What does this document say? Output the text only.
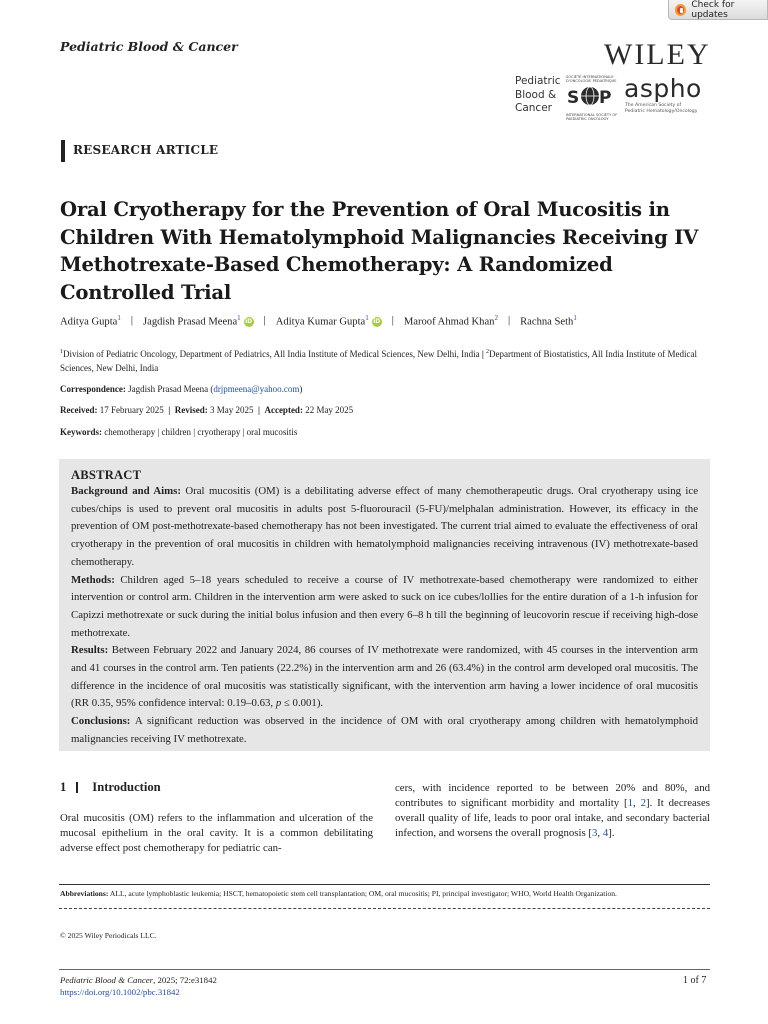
Check for updates
Pediatric Blood & Cancer	WILEY
Pediatric
Blood &
Cancer
SOCIÉTÉ INTERNATIONALE D'ONCOLOGIE PÉDIATRIQUE
S P
INTERNATIONAL SOCIETY OF PAEDIATRIC ONCOLOGY
aspho
The American Society of
Pediatric Hematology/Oncology
RESEARCH ARTICLE
Oral Cryotherapy for the Prevention of Oral Mucositis in Children With Hematolymphoid Malignancies Receiving IV Methotrexate-Based Chemotherapy: A Randomized Controlled Trial
Aditya Gupta$^1$ | Jagdish Prasad Meena$^1$ iD | Aditya Kumar Gupta$^1$ iD | Maroof Ahmad Khan$^2$ | Rachna Seth$^1$
$^1$Division of Pediatric Oncology, Department of Pediatrics, All India Institute of Medical Sciences, New Delhi, India | $^2$Department of Biostatistics, All India Institute of Medical Sciences, New Delhi, India
Correspondence: Jagdish Prasad Meena (drjpmeena@yahoo.com)
Received: 17 February 2025  |  Revised: 3 May 2025  |  Accepted: 22 May 2025
Keywords: chemotherapy | children | cryotherapy | oral mucositis
ABSTRACT

Background and Aims: Oral mucositis (OM) is a debilitating adverse effect of many chemotherapeutic drugs. Oral cryotherapy using ice cubes/chips is used to prevent oral mucositis in adults post 5-fluorouracil (5-FU)/melphalan administration. However, its efficacy in the prevention of OM post-methotrexate-based chemotherapy has not been investigated. The current trial aimed to evaluate the effectiveness of oral cryotherapy in the prevention of oral mucositis in children with hematolymphoid malignancies receiving intravenous (IV) methotrexate-based chemotherapy.

Methods: Children aged 5–18 years scheduled to receive a course of IV methotrexate-based chemotherapy were randomized to either intervention or control arm. Children in the intervention arm were asked to suck on ice cubes/lollies for the entire duration of a 1-h infusion for Capizzi methotrexate or suck during the initial bolus infusion and then every 6–8 h till the beginning of leucovorin rescue if receiving high-dose methotrexate.

Results: Between February 2022 and January 2024, 86 courses of IV methotrexate were randomized, with 45 courses in the intervention arm and 41 courses in the control arm. Ten patients (22.2%) in the intervention arm and 26 (63.4%) in the control arm developed oral mucositis. The difference in the incidence of oral mucositis was statistically significant, with the intervention arm having a lower incidence of oral mucositis (RR 0.35, 95% confidence interval: 0.19–0.63, p ≤ 0.001).

Conclusions: A significant reduction was observed in the incidence of OM with oral cryotherapy among children with hematolymphoid malignancies receiving IV methotrexate.

1 Introduction
Oral mucositis (OM) refers to the inflammation and ulceration of the mucosal epithelium in the oral cavity. It is a common debilitating adverse effect post chemotherapy for pediatric can-
cers, with incidence reported to be between 20% and 80%, and contributes to significant morbidity and mortality [1, 2]. It decreases overall quality of life, leads to poor oral intake, and secondary bacterial infection, and worsens the overall prognosis [3, 4].
Abbreviations: ALL, acute lymphoblastic leukemia; HSCT, hematopoietic stem cell transplantation; OM, oral mucositis; PI, principal investigator; WHO, World Health Organization.
© 2025 Wiley Periodicals LLC.
Pediatric Blood & Cancer, 2025; 72:e31842
https://doi.org/10.1002/pbc.31842
1 of 7
